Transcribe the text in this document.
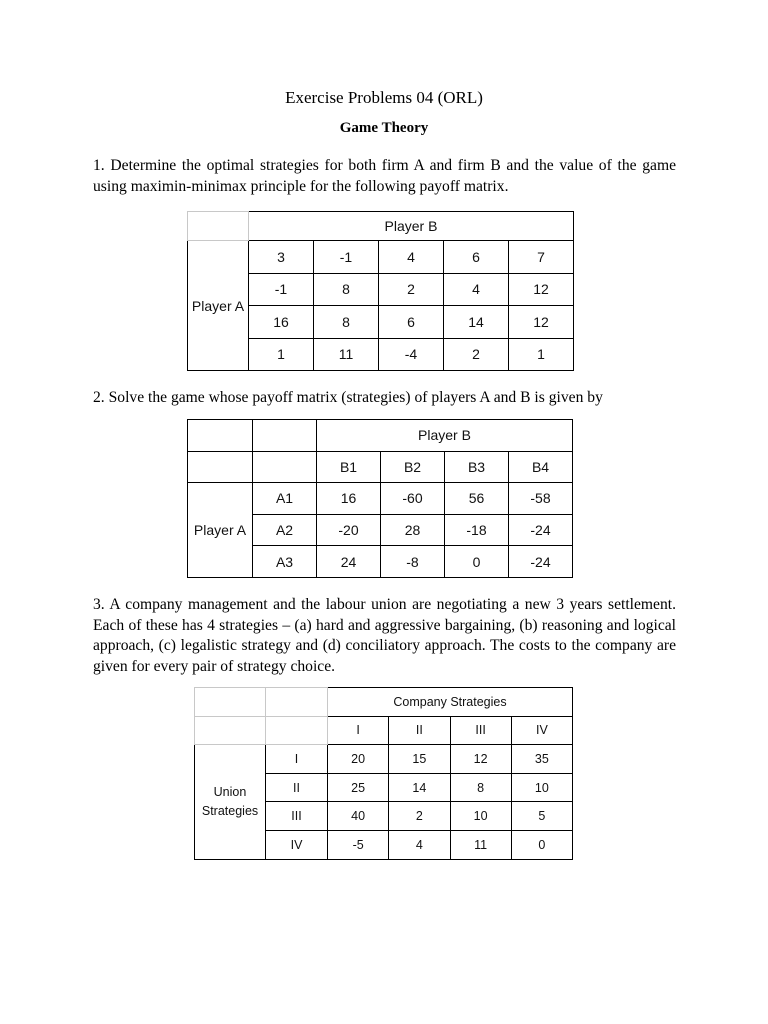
Exercise Problems 04 (ORL)
Game Theory
1. Determine the optimal strategies for both firm A and firm B and the value of the game using maximin-minimax principle for the following payoff matrix.
	Player B				
Player A	3	-1	4	6	7
	-1	8	2	4	12
	16	8	6	14	12
	1	11	-4	2	1
2. Solve the game whose payoff matrix (strategies) of players A and B is given by
		Player B			
		B1	B2	B3	B4
Player A	A1	16	-60	56	-58
	A2	-20	28	-18	-24
	A3	24	-8	0	-24
3. A company management and the labour union are negotiating a new 3 years settlement. Each of these has 4 strategies – (a) hard and aggressive bargaining, (b) reasoning and logical approach, (c) legalistic strategy and (d) conciliatory approach. The costs to the company are given for every pair of strategy choice.
		Company Strategies			
		I	II	III	IV

Union
Strategies	I	20	15	12	35
	II	25	14	8	10
	III	40	2	10	5
	IV	-5	4	11	0
